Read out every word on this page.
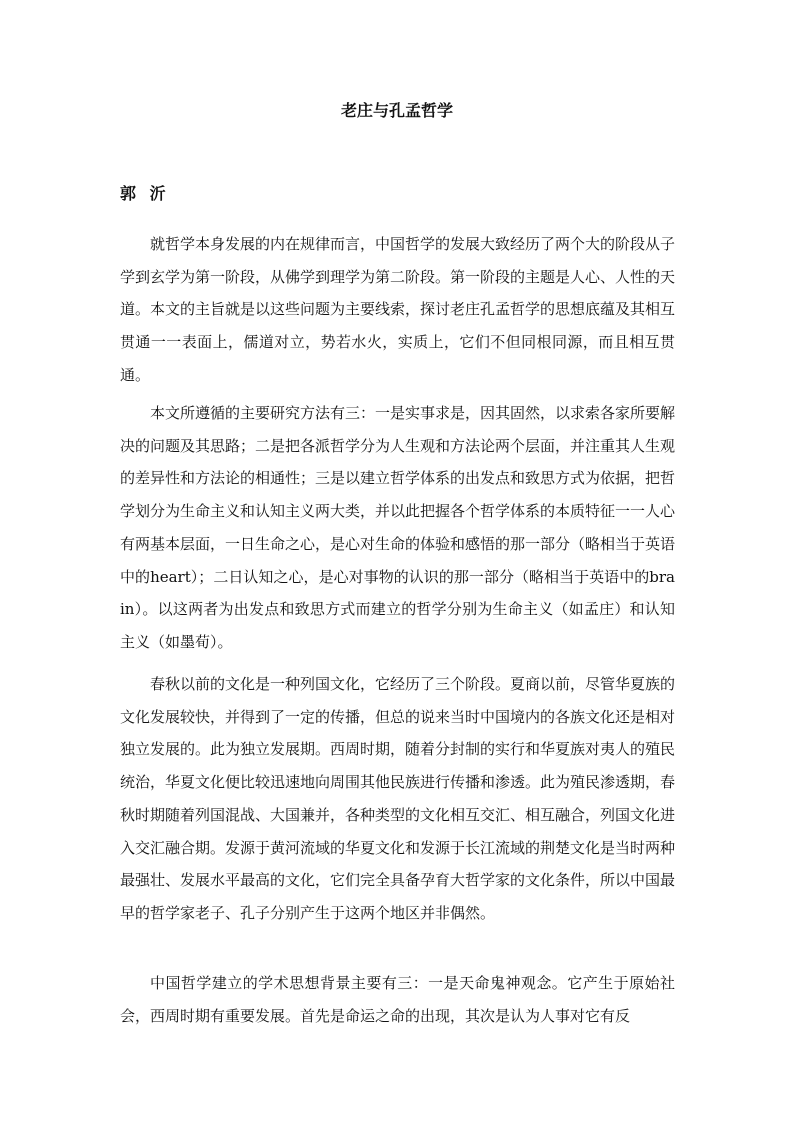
老庄与孔孟哲学
郭 沂

就哲学本身发展的内在规律而言，中国哲学的发展大致经历了两个大的阶段从子学到玄学为第一阶段，从佛学到理学为第二阶段。第一阶段的主题是人心、人性的天道。本文的主旨就是以这些问题为主要线索，探讨老庄孔孟哲学的思想底蕴及其相互贯通一一表面上，儒道对立，势若水火，实质上，它们不但同根同源，而且相互贯通。

本文所遵循的主要研究方法有三：一是实事求是，因其固然，以求索各家所要解决的问题及其思路；二是把各派哲学分为人生观和方法论两个层面，并注重其人生观的差异性和方法论的相通性；三是以建立哲学体系的出发点和致思方式为依据，把哲学划分为生命主义和认知主义两大类，并以此把握各个哲学体系的本质特征一一人心有两基本层面，一日生命之心，是心对生命的体验和感悟的那一部分（略相当于英语中的heart）；二日认知之心，是心对事物的认识的那一部分（略相当于英语中的brain）。以这两者为出发点和致思方式而建立的哲学分别为生命主义（如孟庄）和认知主义（如墨荀）。

春秋以前的文化是一种列国文化，它经历了三个阶段。夏商以前，尽管华夏族的文化发展较快，并得到了一定的传播，但总的说来当时中国境内的各族文化还是相对独立发展的。此为独立发展期。西周时期，随着分封制的实行和华夏族对夷人的殖民统治，华夏文化便比较迅速地向周围其他民族进行传播和渗透。此为殖民渗透期，春秋时期随着列国混战、大国兼并，各种类型的文化相互交汇、相互融合，列国文化进入交汇融合期。发源于黄河流域的华夏文化和发源于长江流域的荆楚文化是当时两种最强壮、发展水平最高的文化，它们完全具备孕育大哲学家的文化条件，所以中国最早的哲学家老子、孔子分别产生于这两个地区并非偶然。

中国哲学建立的学术思想背景主要有三：一是天命鬼神观念。它产生于原始社会，西周时期有重要发展。首先是命运之命的出现，其次是认为人事对它有反
